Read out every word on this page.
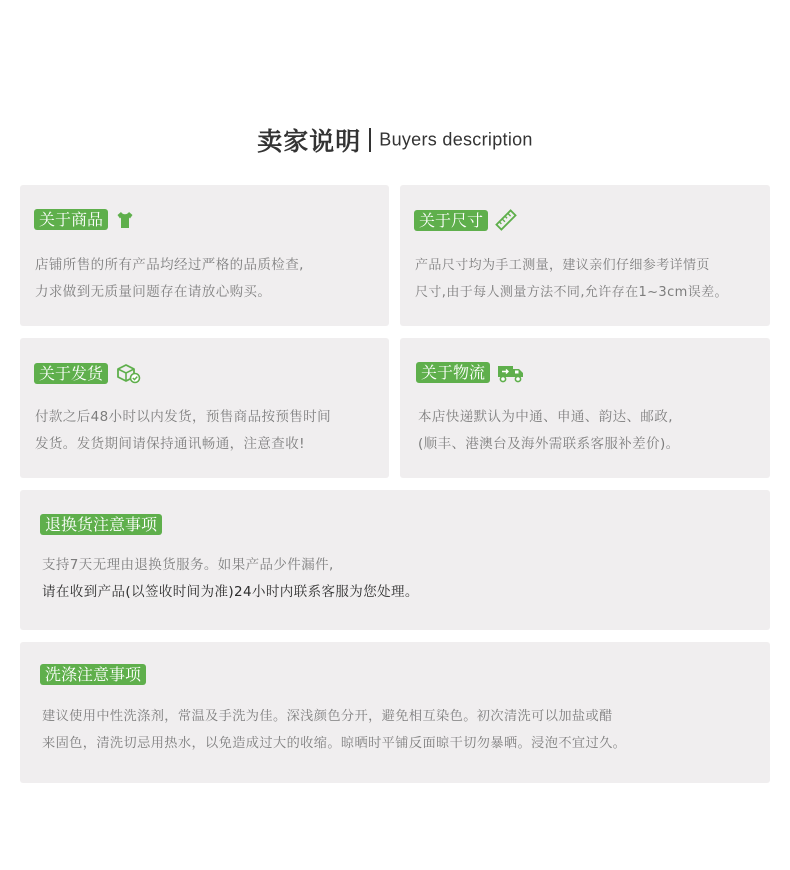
卖家说明 Buyers description
关于商品
店铺所售的所有产品均经过严格的品质检查,
力求做到无质量问题存在请放心购买。
关于尺寸
产品尺寸均为手工测量，建议亲们仔细参考详情页
尺寸,由于每人测量方法不同,允许存在1~3cm误差。
关于发货
付款之后48小时以内发货，预售商品按预售时间
发货。发货期间请保持通讯畅通，注意查收!
关于物流
本店快递默认为中通、申通、韵达、邮政,
(顺丰、港澳台及海外需联系客服补差价)。
退换货注意事项
支持7天无理由退换货服务。如果产品少件漏件,
请在收到产品(以签收时间为准)24小时内联系客服为您处理。
洗涤注意事项
建议使用中性洗涤剂，常温及手洗为佳。深浅颜色分开，避免相互染色。初次清洗可以加盐或醋
来固色，清洗切忌用热水，以免造成过大的收缩。晾晒时平铺反面晾干切勿暴晒。浸泡不宜过久。
